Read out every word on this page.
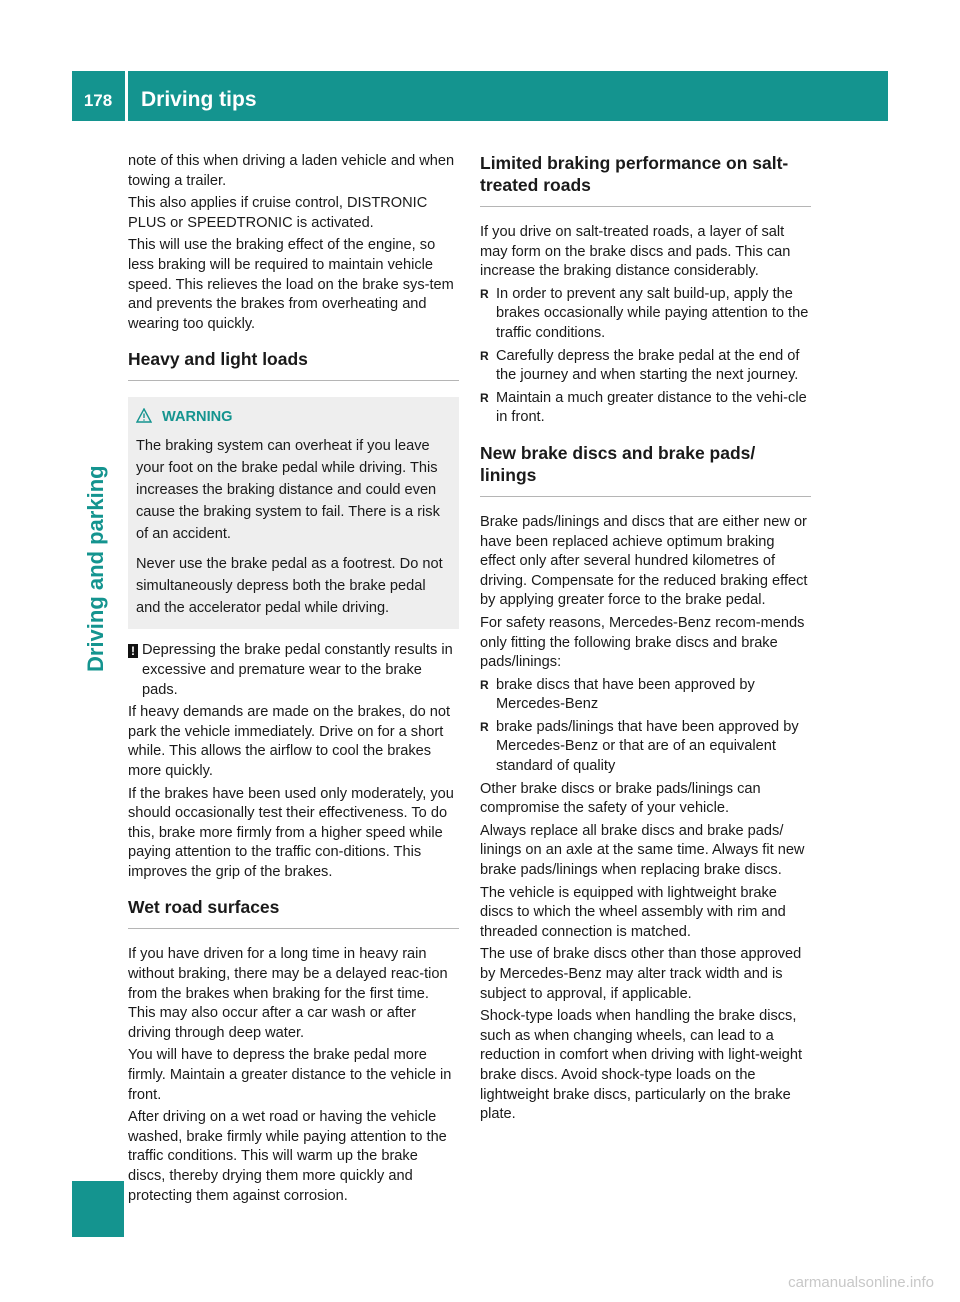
178	Driving tips
Driving and parking

note of this when driving a laden vehicle and when towing a trailer.

This also applies if cruise control, DISTRONIC PLUS or SPEEDTRONIC is activated.

This will use the braking effect of the engine, so less braking will be required to maintain vehicle speed. This relieves the load on the brake sys-tem and prevents the brakes from overheating and wearing too quickly.

Heavy and light loads
WARNING

The braking system can overheat if you leave your foot on the brake pedal while driving. This increases the braking distance and could even cause the braking system to fail. There is a risk of an accident.

Never use the brake pedal as a footrest. Do not simultaneously depress both the brake pedal and the accelerator pedal while driving.

! Depressing the brake pedal constantly results in excessive and premature wear to the brake pads.

If heavy demands are made on the brakes, do not park the vehicle immediately. Drive on for a short while. This allows the airflow to cool the brakes more quickly.

If the brakes have been used only moderately, you should occasionally test their effectiveness. To do this, brake more firmly from a higher speed while paying attention to the traffic con-ditions. This improves the grip of the brakes.

Wet road surfaces

If you have driven for a long time in heavy rain without braking, there may be a delayed reac-tion from the brakes when braking for the first time. This may also occur after a car wash or after driving through deep water.

You will have to depress the brake pedal more firmly. Maintain a greater distance to the vehicle in front.

After driving on a wet road or having the vehicle washed, brake firmly while paying attention to the traffic conditions. This will warm up the brake discs, thereby drying them more quickly and protecting them against corrosion.

Limited braking performance on salt-treated roads

If you drive on salt-treated roads, a layer of salt may form on the brake discs and pads. This can increase the braking distance considerably.

R In order to prevent any salt build-up, apply the brakes occasionally while paying attention to the traffic conditions.
R Carefully depress the brake pedal at the end of the journey and when starting the next journey.
R Maintain a much greater distance to the vehi-cle in front.
New brake discs and brake pads/ linings

Brake pads/linings and discs that are either new or have been replaced achieve optimum braking effect only after several hundred kilometres of driving. Compensate for the reduced braking effect by applying greater force to the brake pedal.

For safety reasons, Mercedes-Benz recom-mends only fitting the following brake discs and brake pads/linings:

R brake discs that have been approved by Mercedes-Benz
R brake pads/linings that have been approved by Mercedes-Benz or that are of an equivalent standard of quality

Other brake discs or brake pads/linings can compromise the safety of your vehicle.

Always replace all brake discs and brake pads/ linings on an axle at the same time. Always fit new brake pads/linings when replacing brake discs.

The vehicle is equipped with lightweight brake discs to which the wheel assembly with rim and threaded connection is matched.

The use of brake discs other than those approved by Mercedes-Benz may alter track width and is subject to approval, if applicable.

Shock-type loads when handling the brake discs, such as when changing wheels, can lead to a reduction in comfort when driving with light-weight brake discs. Avoid shock-type loads on the lightweight brake discs, particularly on the brake plate.

carmanualsonline.info
